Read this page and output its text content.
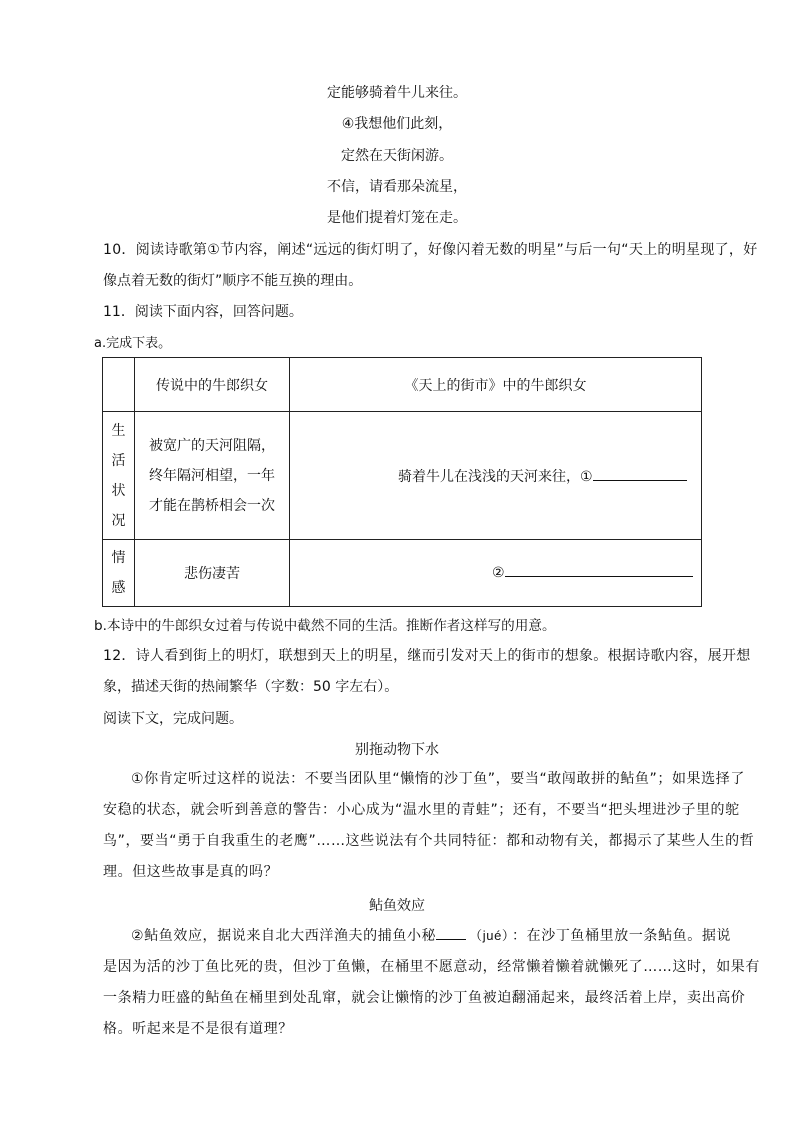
定能够骑着牛儿来往。
④我想他们此刻，
定然在天街闲游。
不信，请看那朵流星，
是他们提着灯笼在走。
10．阅读诗歌第①节内容，阐述“远远的街灯明了，好像闪着无数的明星”与后一句“天上的明星现了，好
像点着无数的街灯”顺序不能互换的理由。
11．阅读下面内容，回答问题。
a.完成下表。
	传说中的牛郎织女	《天上的街市》中的牛郎织女
生活状况	被宽广的天河阻隔，
终年隔河相望，一年
才能在鹊桥相会一次	骑着牛儿在浅浅的天河来往，①
情感	悲伤凄苦	②
b.本诗中的牛郎织女过着与传说中截然不同的生活。推断作者这样写的用意。
12．诗人看到街上的明灯，联想到天上的明星，继而引发对天上的街市的想象。根据诗歌内容，展开想
象，描述天街的热闹繁华（字数：50 字左右）。
阅读下文，完成问题。
别拖动物下水

①你肯定听过这样的说法：不要当团队里“懒惰的沙丁鱼”，要当“敢闯敢拼的鲇鱼”；如果选择了

安稳的状态，就会听到善意的警告：小心成为“温水里的青蛙”；还有，不要当“把头埋进沙子里的鸵

鸟”，要当“勇于自我重生的老鹰”……这些说法有个共同特征：都和动物有关，都揭示了某些人生的哲

理。但这些故事是真的吗？

鲇鱼效应

②鲇鱼效应，据说来自北大西洋渔夫的捕鱼小秘	（jué） ：在沙丁鱼桶里放一条鲇鱼。据说

是因为活的沙丁鱼比死的贵，但沙丁鱼懒，在桶里不愿意动，经常懒着懒着就懒死了……这时，如果有

一条精力旺盛的鲇鱼在桶里到处乱窜，就会让懒惰的沙丁鱼被迫翻涌起来，最终活着上岸，卖出高价

格。听起来是不是很有道理？
